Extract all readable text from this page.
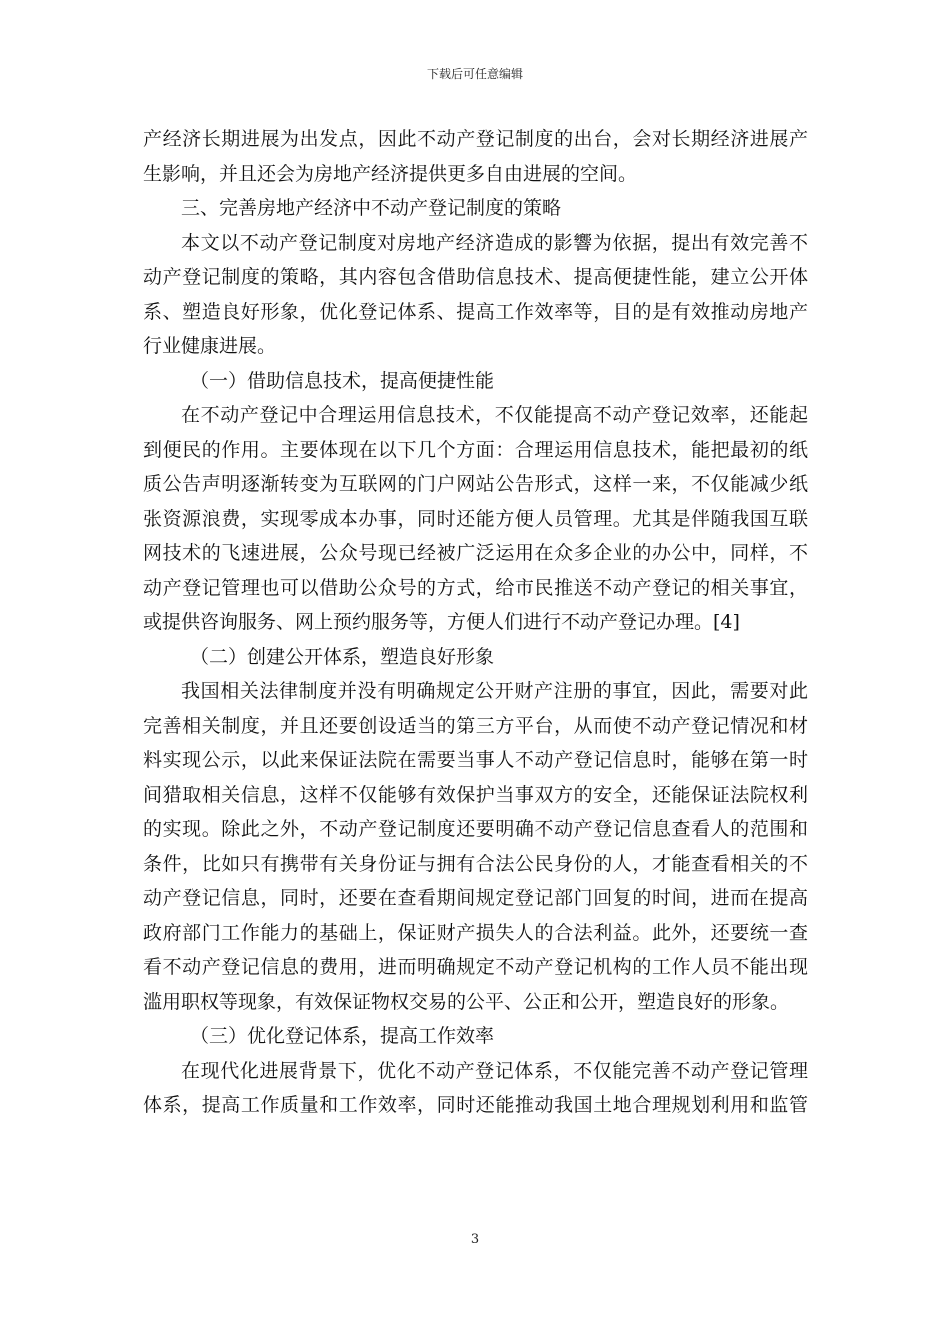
下载后可任意编辑
产经济长期进展为出发点，因此不动产登记制度的出台，会对长期经济进展产
生影响，并且还会为房地产经济提供更多自由进展的空间。
三、完善房地产经济中不动产登记制度的策略
本文以不动产登记制度对房地产经济造成的影響为依据，提出有效完善不
动产登记制度的策略，其内容包含借助信息技术、提高便捷性能，建立公开体
系、塑造良好形象，优化登记体系、提高工作效率等，目的是有效推动房地产
行业健康进展。
（一）借助信息技术，提高便捷性能
在不动产登记中合理运用信息技术，不仅能提高不动产登记效率，还能起
到便民的作用。主要体现在以下几个方面：合理运用信息技术，能把最初的纸
质公告声明逐渐转变为互联网的门户网站公告形式，这样一来，不仅能减少纸
张资源浪费，实现零成本办事，同时还能方便人员管理。尤其是伴随我国互联
网技术的飞速进展，公众号现已经被广泛运用在众多企业的办公中，同样，不
动产登记管理也可以借助公众号的方式，给市民推送不动产登记的相关事宜，
或提供咨询服务、网上预约服务等，方便人们进行不动产登记办理。[4]
（二）创建公开体系，塑造良好形象
我国相关法律制度并没有明确规定公开财产注册的事宜，因此，需要对此
完善相关制度，并且还要创设适当的第三方平台，从而使不动产登记情况和材
料实现公示，以此来保证法院在需要当事人不动产登记信息时，能够在第一时
间猎取相关信息，这样不仅能够有效保护当事双方的安全，还能保证法院权利
的实现。除此之外，不动产登记制度还要明确不动产登记信息查看人的范围和
条件，比如只有携带有关身份证与拥有合法公民身份的人，才能查看相关的不
动产登记信息，同时，还要在查看期间规定登记部门回复的时间，进而在提高
政府部门工作能力的基础上，保证财产损失人的合法利益。此外，还要统一查
看不动产登记信息的费用，进而明确规定不动产登记机构的工作人员不能出现
滥用职权等现象，有效保证物权交易的公平、公正和公开，塑造良好的形象。
（三）优化登记体系，提高工作效率
在现代化进展背景下，优化不动产登记体系，不仅能完善不动产登记管理
体系，提高工作质量和工作效率，同时还能推动我国土地合理规划利用和监管
3
